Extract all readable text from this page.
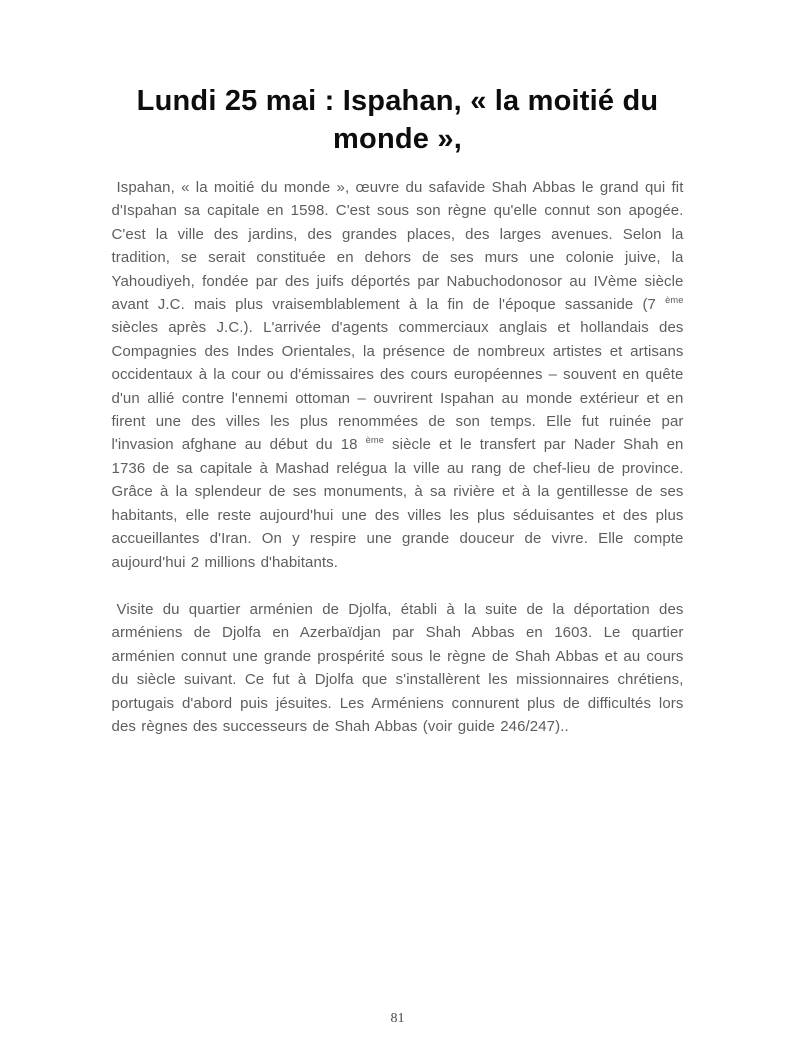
Lundi 25 mai : Ispahan, « la moitié du monde »,

Ispahan, « la moitié du monde », œuvre du safavide Shah Abbas le grand qui fit d'Ispahan sa capitale en 1598. C'est sous son règne qu'elle connut son apogée. C'est la ville des jardins, des grandes places, des larges avenues. Selon la tradition, se serait constituée en dehors de ses murs une colonie juive, la Yahoudiyeh, fondée par des juifs déportés par Nabuchodonosor au IVème siècle avant J.C. mais plus vraisemblablement à la fin de l'époque sassanide (7 $^{ème}$ siècles après J.C.). L'arrivée d'agents commerciaux anglais et hollandais des Compagnies des Indes Orientales, la présence de nombreux artistes et artisans occidentaux à la cour ou d'émissaires des cours européennes – souvent en quête d'un allié contre l'ennemi ottoman – ouvrirent Ispahan au monde extérieur et en firent une des villes les plus renommées de son temps. Elle fut ruinée par l'invasion afghane au début du 18 $^{ème}$ siècle et le transfert par Nader Shah en 1736 de sa capitale à Mashad relégua la ville au rang de chef-lieu de province. Grâce à la splendeur de ses monuments, à sa rivière et à la gentillesse de ses habitants, elle reste aujourd'hui une des villes les plus séduisantes et des plus accueillantes d'Iran. On y respire une grande douceur de vivre. Elle compte aujourd'hui 2 millions d'habitants.

Visite du quartier arménien de Djolfa, établi à la suite de la déportation des arméniens de Djolfa en Azerbaïdjan par Shah Abbas en 1603. Le quartier arménien connut une grande prospérité sous le règne de Shah Abbas et au cours du siècle suivant. Ce fut à Djolfa que s'installèrent les missionnaires chrétiens, portugais d'abord puis jésuites. Les Arméniens connurent plus de difficultés lors des règnes des successeurs de Shah Abbas (voir guide 246/247)..

81
